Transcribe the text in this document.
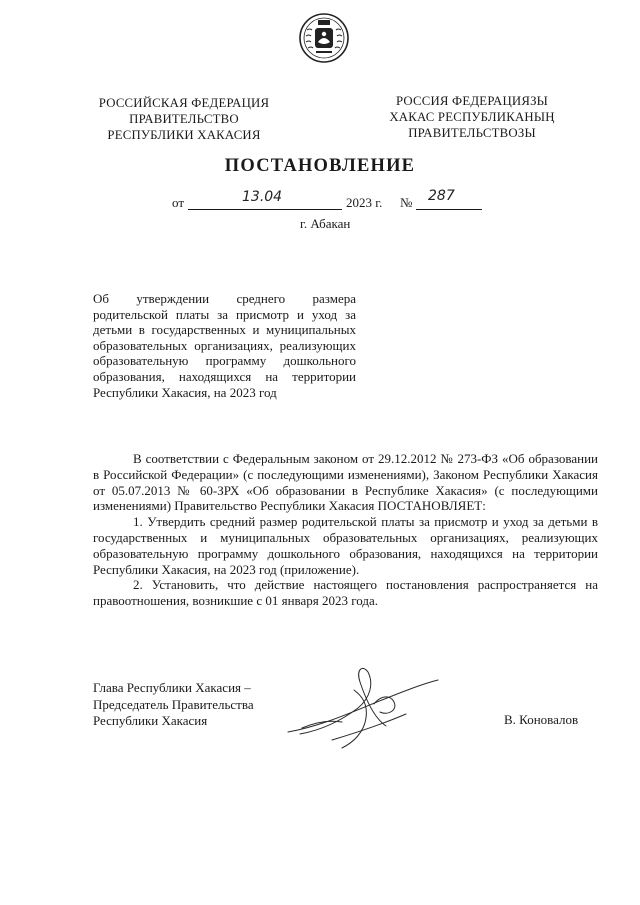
РОССИЙСКАЯ ФЕДЕРАЦИЯ
ПРАВИТЕЛЬСТВО
РЕСПУБЛИКИ ХАКАСИЯ
РОССИЯ ФЕДЕРАЦИЯЗЫ
ХАКАС РЕСПУБЛИКАНЫҢ
ПРАВИТЕЛЬСТВОЗЫ
ПОСТАНОВЛЕНИЕ
от	13.04	2023 г. № 287
г. Абакан
Об утверждении среднего размера родительской платы за присмотр и уход за детьми в государственных и муниципальных образовательных организациях, реализующих образовательную программу дошкольного образования, находящихся на территории Республики Хакасия, на 2023 год

В соответствии с Федеральным законом от 29.12.2012 № 273-ФЗ «Об образовании в Российской Федерации» (с последующими изменениями), Законом Республики Хакасия от 05.07.2013 № 60-ЗРХ «Об образовании в Республике Хакасия» (с последующими изменениями) Правительство Республики Хакасия ПОСТАНОВЛЯЕТ:

1. Утвердить средний размер родительской платы за присмотр и уход за детьми в государственных и муниципальных образовательных организациях, реализующих образовательную программу дошкольного образования, находящихся на территории Республики Хакасия, на 2023 год (приложение).

2. Установить, что действие настоящего постановления распространяется на правоотношения, возникшие с 01 января 2023 года.

Глава Республики Хакасия –
Председатель Правительства
Республики Хакасия	В. Коновалов
